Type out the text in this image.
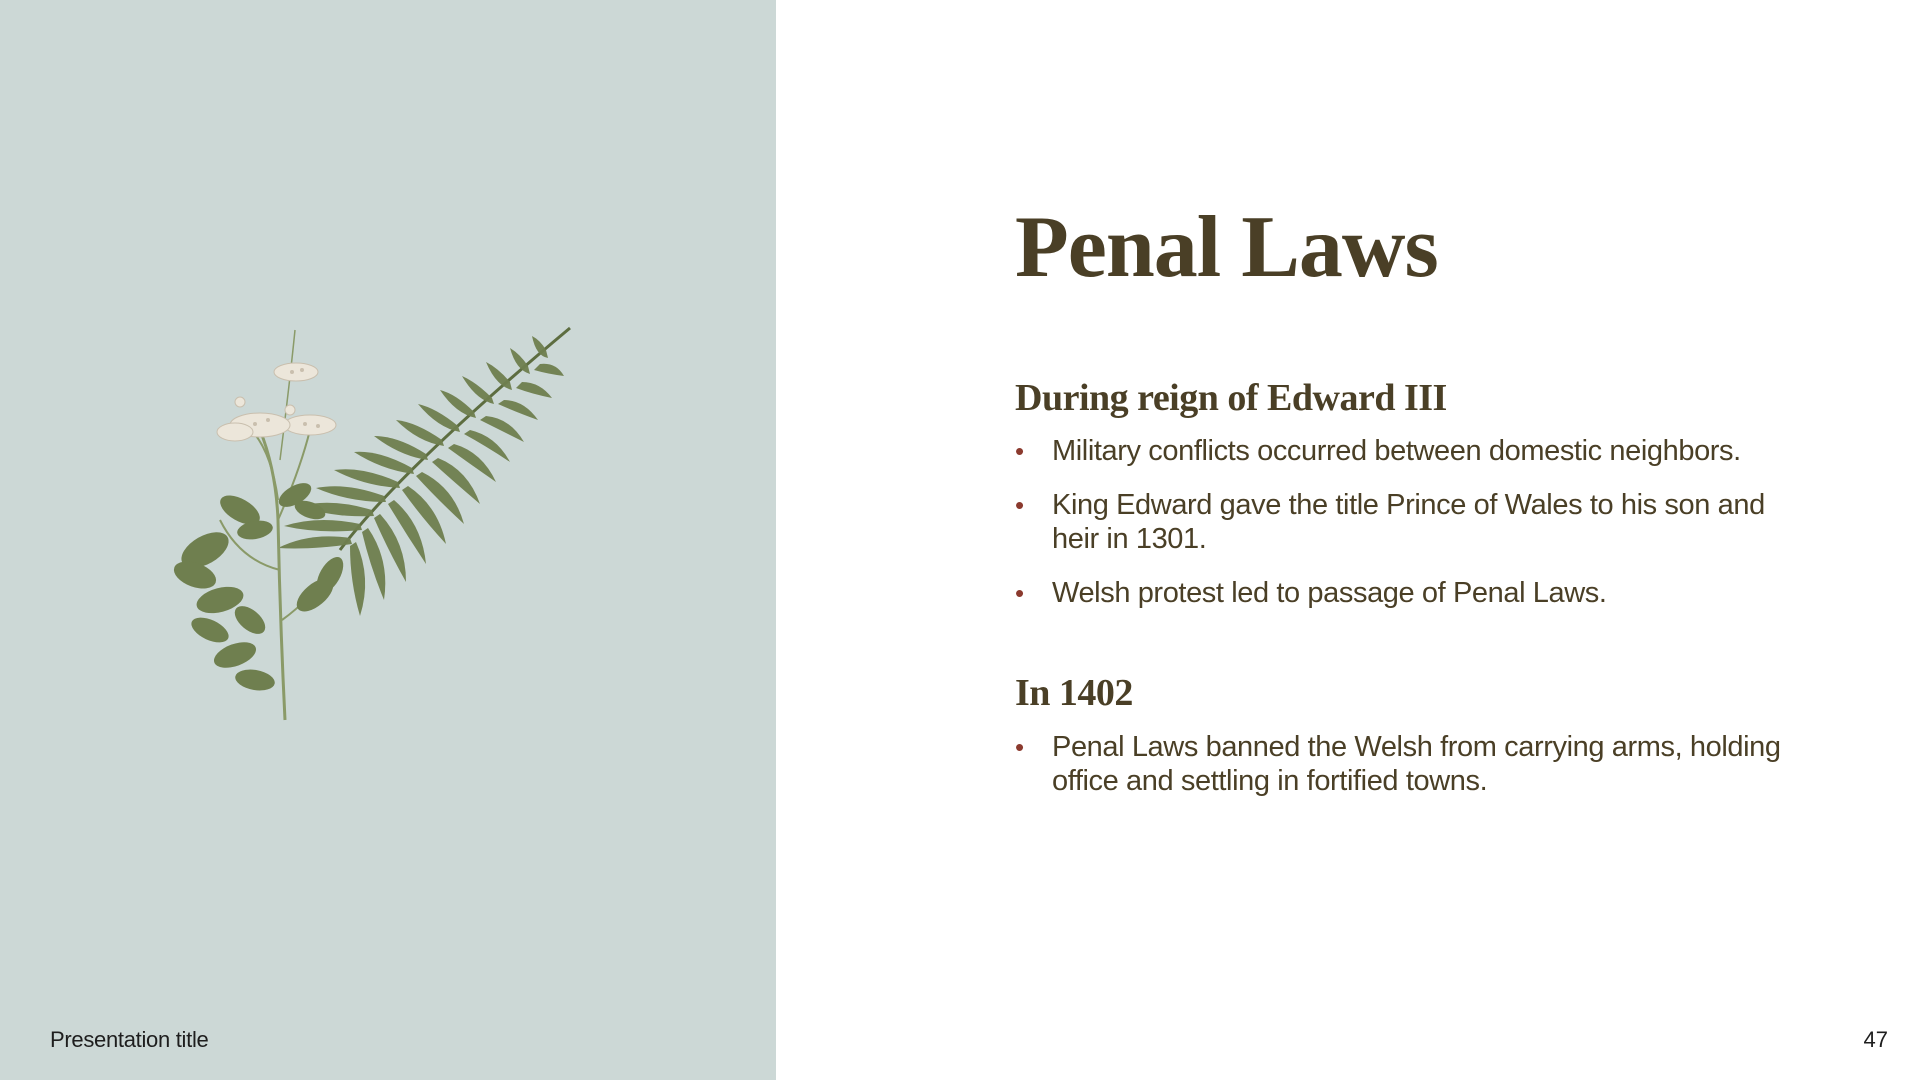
Presentation title
Penal Laws
During reign of Edward III
• Military conflicts occurred between domestic neighbors.
• King Edward gave the title Prince of Wales to his son and heir in 1301.
• Welsh protest led to passage of Penal Laws.
In 1402
• Penal Laws banned the Welsh from carrying arms, holding office and settling in fortified towns.
47
